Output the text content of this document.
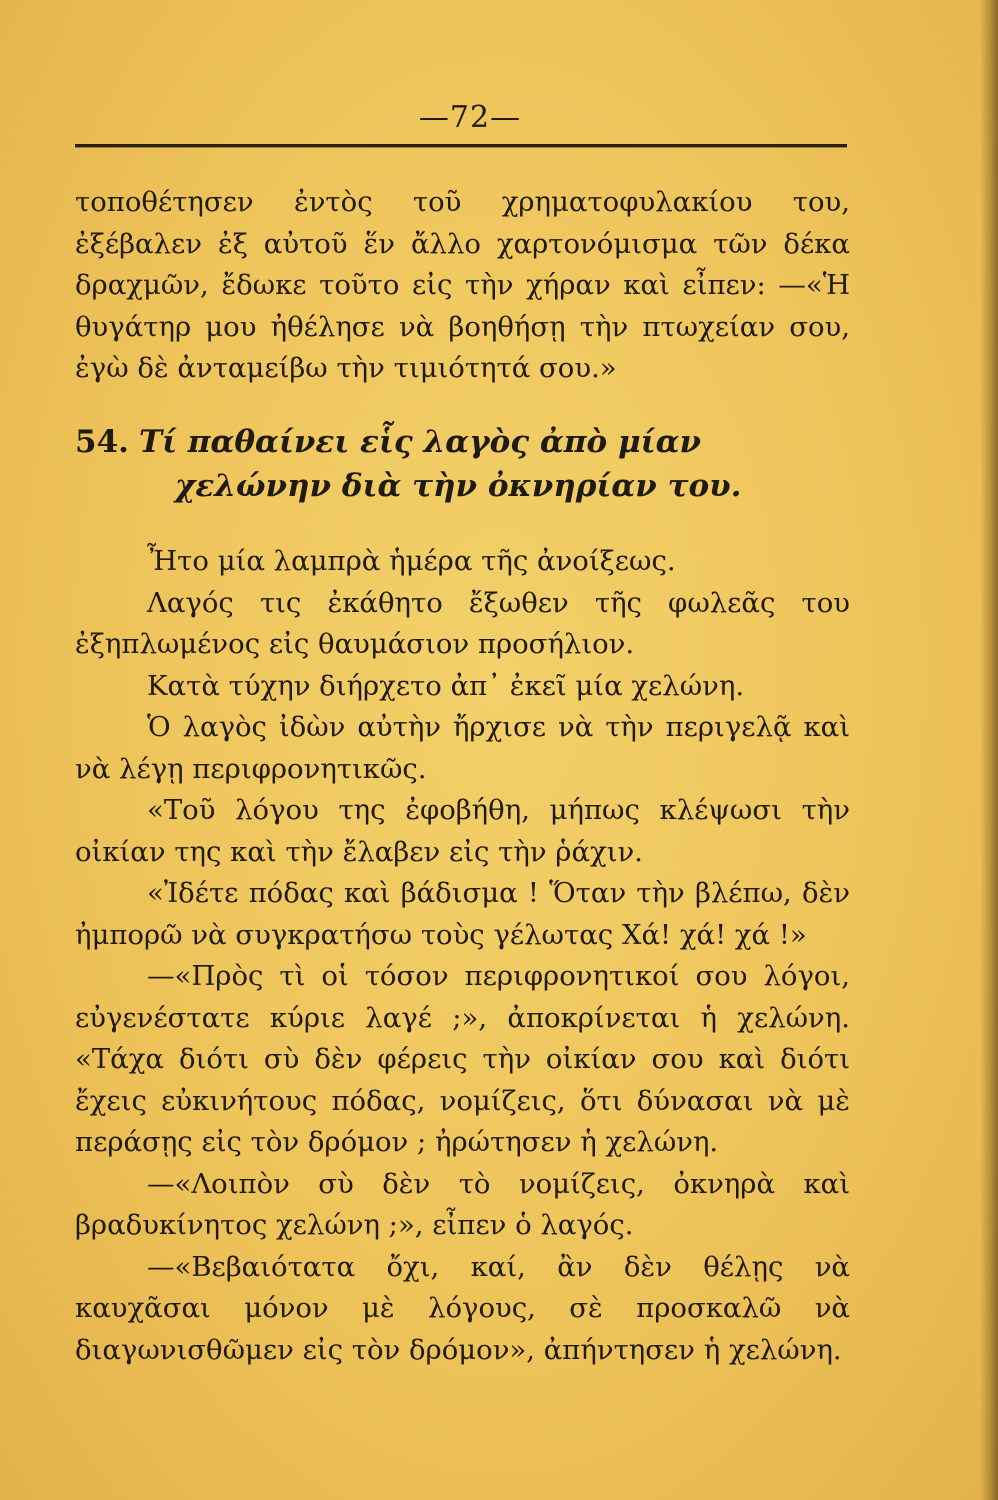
—72—

τοποθέτησεν ἐντὸς τοῦ χρηματοφυλακίου του, ἐξέβαλεν ἐξ αὐτοῦ ἕν ἄλλο χαρτονόμισμα τῶν δέκα δραχμῶν, ἔδωκε τοῦτο εἰς τὴν χήραν καὶ εἶπεν: —«Ἡ θυγάτηρ μου ἠθέλησε νὰ βοηθήσῃ τὴν πτωχείαν σου, ἐγὼ δὲ ἀνταμείβω τὴν τιμιότητά σου.»

54. Τί παθαίνει εἷς λαγὸς ἀπὸ μίαν
χελώνην διὰ τὴν ὀκνηρίαν του.

Ἦτο μία λαμπρὰ ἡμέρα τῆς ἀνοίξεως.

Λαγός τις ἐκάθητο ἔξωθεν τῆς φωλεᾶς του ἐξηπλωμένος εἰς θαυμάσιον προσήλιον.

Κατὰ τύχην διήρχετο ἀπ᾽ ἐκεῖ μία χελώνη.

Ὁ λαγὸς ἰδὼν αὐτὴν ἤρχισε νὰ τὴν περιγελᾷ καὶ νὰ λέγῃ περιφρονητικῶς.

«Τοῦ λόγου της ἐφοβήθη, μήπως κλέψωσι τὴν οἰκίαν της καὶ τὴν ἔλαβεν εἰς τὴν ῥάχιν.

«Ἰδέτε πόδας καὶ βάδισμα ! Ὅταν τὴν βλέπω, δὲν ἠμπορῶ νὰ συγκρατήσω τοὺς γέλωτας Χά! χά! χά !»

—«Πρὸς τὶ οἱ τόσον περιφρονητικοί σου λόγοι, εὐγενέστατε κύριε λαγέ ;», ἀποκρίνεται ἡ χελώνη. «Τάχα διότι σὺ δὲν φέρεις τὴν οἰκίαν σου καὶ διότι ἔχεις εὐκινήτους πόδας, νομίζεις, ὅτι δύνασαι νὰ μὲ περάσῃς εἰς τὸν δρόμον ; ἠρώτησεν ἡ χελώνη.

—«Λοιπὸν σὺ δὲν τὸ νομίζεις, ὀκνηρὰ καὶ βραδυκίνητος χελώνη ;», εἶπεν ὁ λαγός.

—«Βεβαιότατα ὄχι, καί, ἂν δὲν θέλῃς νὰ καυχᾶσαι μόνον μὲ λόγους, σὲ προσκαλῶ νὰ διαγωνισθῶμεν εἰς τὸν δρόμον», ἀπήντησεν ἡ χελώνη.
